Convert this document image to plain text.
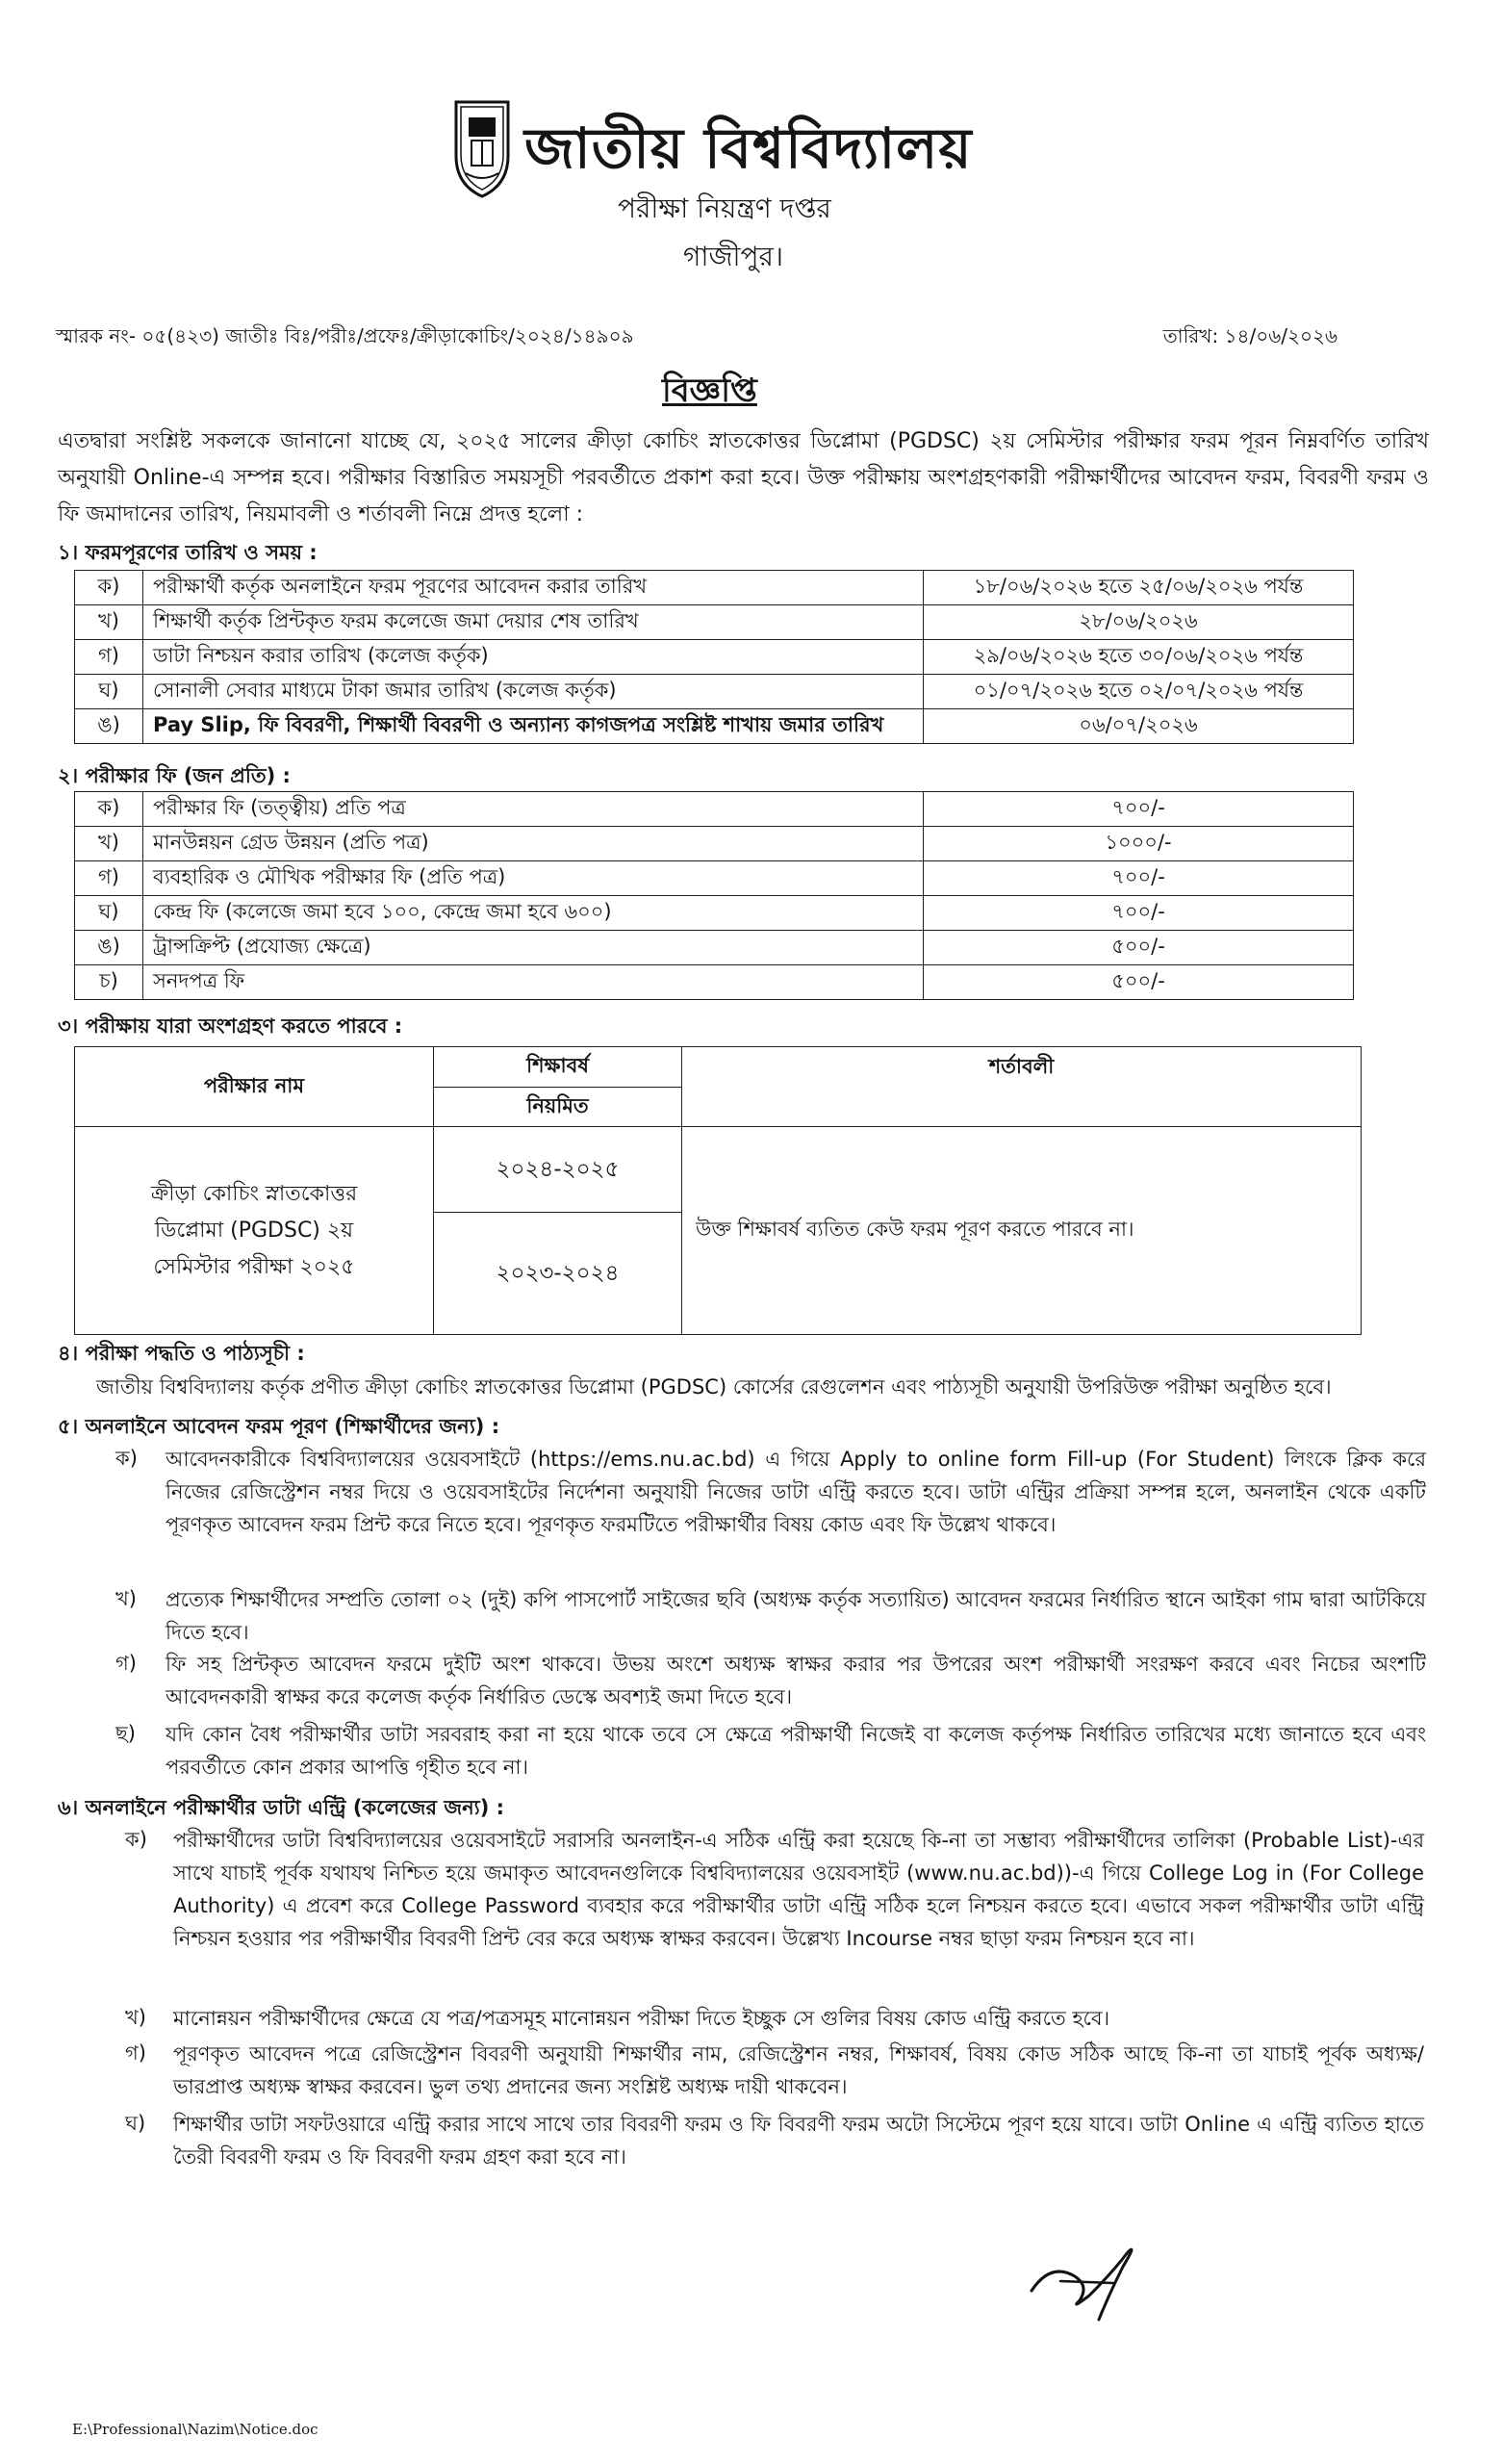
জাতীয় বিশ্ববিদ্যালয়
পরীক্ষা নিয়ন্ত্রণ দপ্তর
গাজীপুর।
স্মারক নং- ০৫(৪২৩) জাতীঃ বিঃ/পরীঃ/প্রফেঃ/ক্রীড়াকোচিং/২০২৪/১৪৯০৯	তারিখ: ১৪/০৬/২০২৬
বিজ্ঞপ্তি
এতদ্বারা সংশ্লিষ্ট সকলকে জানানো যাচ্ছে যে, ২০২৫ সালের ক্রীড়া কোচিং স্নাতকোত্তর ডিপ্লোমা (PGDSC) ২য় সেমিস্টার পরীক্ষার ফরম পূরন নিম্নবর্ণিত তারিখ অনুযায়ী Online-এ সম্পন্ন হবে। পরীক্ষার বিস্তারিত সময়সূচী পরবর্তীতে প্রকাশ করা হবে। উক্ত পরীক্ষায় অংশগ্রহণকারী পরীক্ষার্থীদের আবেদন ফরম, বিবরণী ফরম ও ফি জমাদানের তারিখ, নিয়মাবলী ও শর্তাবলী নিম্নে প্রদত্ত হলো :
১। ফরমপূরণের তারিখ ও সময় :
ক)	পরীক্ষার্থী কর্তৃক অনলাইনে ফরম পূরণের আবেদন করার তারিখ	১৮/০৬/২০২৬ হতে ২৫/০৬/২০২৬ পর্যন্ত
খ)	শিক্ষার্থী কর্তৃক প্রিন্টকৃত ফরম কলেজে জমা দেয়ার শেষ তারিখ	২৮/০৬/২০২৬
গ)	ডাটা নিশ্চয়ন করার তারিখ (কলেজ কর্তৃক)	২৯/০৬/২০২৬ হতে ৩০/০৬/২০২৬ পর্যন্ত
ঘ)	সোনালী সেবার মাধ্যমে টাকা জমার তারিখ (কলেজ কর্তৃক)	০১/০৭/২০২৬ হতে ০২/০৭/২০২৬ পর্যন্ত
ঙ)	Pay Slip, ফি বিবরণী, শিক্ষার্থী বিবরণী ও অন্যান্য কাগজপত্র সংশ্লিষ্ট শাখায় জমার তারিখ	০৬/০৭/২০২৬
২। পরীক্ষার ফি (জন প্রতি) :
ক)	পরীক্ষার ফি (তত্ত্বীয়) প্রতি পত্র	৭০০/-
খ)	মানউন্নয়ন গ্রেড উন্নয়ন (প্রতি পত্র)	১০০০/-
গ)	ব্যবহারিক ও মৌখিক পরীক্ষার ফি (প্রতি পত্র)	৭০০/-
ঘ)	কেন্দ্র ফি (কলেজে জমা হবে ১০০, কেন্দ্রে জমা হবে ৬০০)	৭০০/-
ঙ)	ট্রান্সক্রিপ্ট (প্রযোজ্য ক্ষেত্রে)	৫০০/-
চ)	সনদপত্র ফি	৫০০/-
৩। পরীক্ষায় যারা অংশগ্রহণ করতে পারবে :
পরীক্ষার নাম	শিক্ষাবর্ষ	শর্তাবলী
	নিয়মিত	
ক্রীড়া কোচিং স্নাতকোত্তর ডিপ্লোমা (PGDSC) ২য় সেমিস্টার পরীক্ষা ২০২৫	২০২৪-২০২৫	উক্ত শিক্ষাবর্ষ ব্যতিত কেউ ফরম পূরণ করতে পারবে না।
	২০২৩-২০২৪	
৪। পরীক্ষা পদ্ধতি ও পাঠ্যসূচী :
জাতীয় বিশ্ববিদ্যালয় কর্তৃক প্রণীত ক্রীড়া কোচিং স্নাতকোত্তর ডিপ্লোমা (PGDSC) কোর্সের রেগুলেশন এবং পাঠ্যসূচী অনুযায়ী উপরিউক্ত পরীক্ষা অনুষ্ঠিত হবে।
৫। অনলাইনে আবেদন ফরম পূরণ (শিক্ষার্থীদের জন্য) :
ক) আবেদনকারীকে বিশ্ববিদ্যালয়ের ওয়েবসাইটে (https://ems.nu.ac.bd) এ গিয়ে Apply to online form Fill-up (For Student) লিংকে ক্লিক করে নিজের রেজিস্ট্রেশন নম্বর দিয়ে ও ওয়েবসাইটের নির্দেশনা অনুযায়ী নিজের ডাটা এন্ট্রি করতে হবে। ডাটা এন্ট্রির প্রক্রিয়া সম্পন্ন হলে, অনলাইন থেকে একটি পূরণকৃত আবেদন ফরম প্রিন্ট করে নিতে হবে। পূরণকৃত ফরমটিতে পরীক্ষার্থীর বিষয় কোড এবং ফি উল্লেখ থাকবে।
খ) প্রত্যেক শিক্ষার্থীদের সম্প্রতি তোলা ০২ (দুই) কপি পাসপোর্ট সাইজের ছবি (অধ্যক্ষ কর্তৃক সত্যায়িত) আবেদন ফরমের নির্ধারিত স্থানে আইকা গাম দ্বারা আটকিয়ে দিতে হবে।
গ) ফি সহ প্রিন্টকৃত আবেদন ফরমে দুইটি অংশ থাকবে। উভয় অংশে অধ্যক্ষ স্বাক্ষর করার পর উপরের অংশ পরীক্ষার্থী সংরক্ষণ করবে এবং নিচের অংশটি আবেদনকারী স্বাক্ষর করে কলেজ কর্তৃক নির্ধারিত ডেস্কে অবশ্যই জমা দিতে হবে।
ছ) যদি কোন বৈধ পরীক্ষার্থীর ডাটা সরবরাহ করা না হয়ে থাকে তবে সে ক্ষেত্রে পরীক্ষার্থী নিজেই বা কলেজ কর্তৃপক্ষ নির্ধারিত তারিখের মধ্যে জানাতে হবে এবং পরবর্তীতে কোন প্রকার আপত্তি গৃহীত হবে না।
৬। অনলাইনে পরীক্ষার্থীর ডাটা এন্ট্রি (কলেজের জন্য) :
ক) পরীক্ষার্থীদের ডাটা বিশ্ববিদ্যালয়ের ওয়েবসাইটে সরাসরি অনলাইন-এ সঠিক এন্ট্রি করা হয়েছে কি-না তা সম্ভাব্য পরীক্ষার্থীদের তালিকা (Probable List)-এর সাথে যাচাই পূর্বক যথাযথ নিশ্চিত হয়ে জমাকৃত আবেদনগুলিকে বিশ্ববিদ্যালয়ের ওয়েবসাইট (www.nu.ac.bd))-এ গিয়ে College Log in (For College Authority) এ প্রবেশ করে College Password ব্যবহার করে পরীক্ষার্থীর ডাটা এন্ট্রি সঠিক হলে নিশ্চয়ন করতে হবে। এভাবে সকল পরীক্ষার্থীর ডাটা এন্ট্রি নিশ্চয়ন হওয়ার পর পরীক্ষার্থীর বিবরণী প্রিন্ট বের করে অধ্যক্ষ স্বাক্ষর করবেন। উল্লেখ্য Incourse নম্বর ছাড়া ফরম নিশ্চয়ন হবে না।
খ) মানোন্নয়ন পরীক্ষার্থীদের ক্ষেত্রে যে পত্র/পত্রসমূহ মানোন্নয়ন পরীক্ষা দিতে ইচ্ছুক সে গুলির বিষয় কোড এন্ট্রি করতে হবে।
গ) পূরণকৃত আবেদন পত্রে রেজিস্ট্রেশন বিবরণী অনুযায়ী শিক্ষার্থীর নাম, রেজিস্ট্রেশন নম্বর, শিক্ষাবর্ষ, বিষয় কোড সঠিক আছে কি-না তা যাচাই পূর্বক অধ্যক্ষ/ভারপ্রাপ্ত অধ্যক্ষ স্বাক্ষর করবেন। ভুল তথ্য প্রদানের জন্য সংশ্লিষ্ট অধ্যক্ষ দায়ী থাকবেন।
ঘ) শিক্ষার্থীর ডাটা সফটওয়ারে এন্ট্রি করার সাথে সাথে তার বিবরণী ফরম ও ফি বিবরণী ফরম অটো সিস্টেমে পূরণ হয়ে যাবে। ডাটা Online এ এন্ট্রি ব্যতিত হাতে তৈরী বিবরণী ফরম ও ফি বিবরণী ফরম গ্রহণ করা হবে না।
E:\Professional\Nazim\Notice.doc
